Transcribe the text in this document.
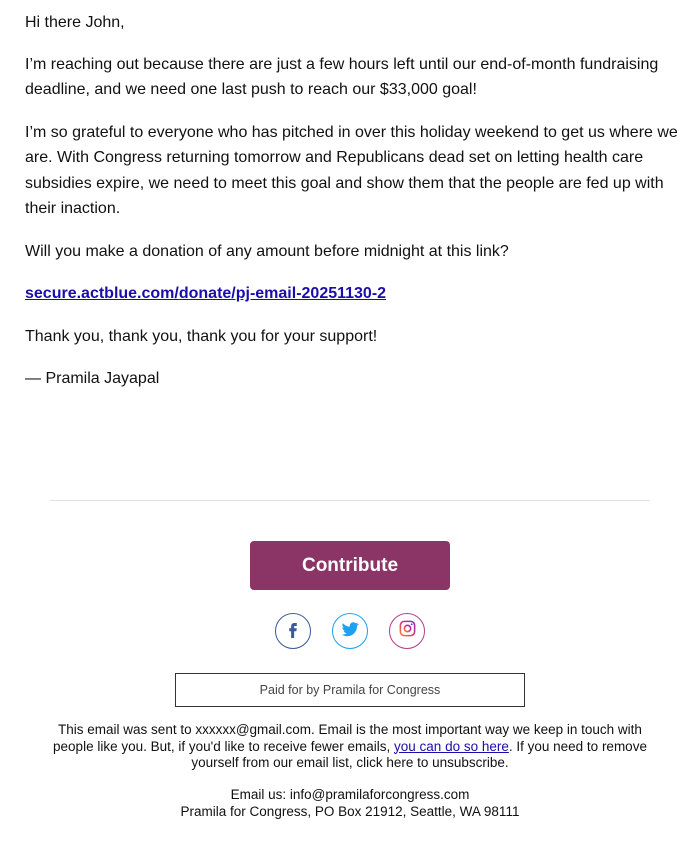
Hi there John,

I’m reaching out because there are just a few hours left until our end-of-month fundraising deadline, and we need one last push to reach our $33,000 goal!

I’m so grateful to everyone who has pitched in over this holiday weekend to get us where we are. With Congress returning tomorrow and Republicans dead set on letting health care subsidies expire, we need to meet this goal and show them that the people are fed up with their inaction.

Will you make a donation of any amount before midnight at this link?

secure.actblue.com/donate/pj-email-20251130-2

Thank you, thank you, thank you for your support!

— Pramila Jayapal

Contribute
Paid for by Pramila for Congress
This email was sent to xxxxxx@gmail.com. Email is the most important way we keep in touch with people like you. But, if you'd like to receive fewer emails, you can do so here. If you need to remove yourself from our email list, click here to unsubscribe.
Email us: info@pramilaforcongress.com
Pramila for Congress, PO Box 21912, Seattle, WA 98111
